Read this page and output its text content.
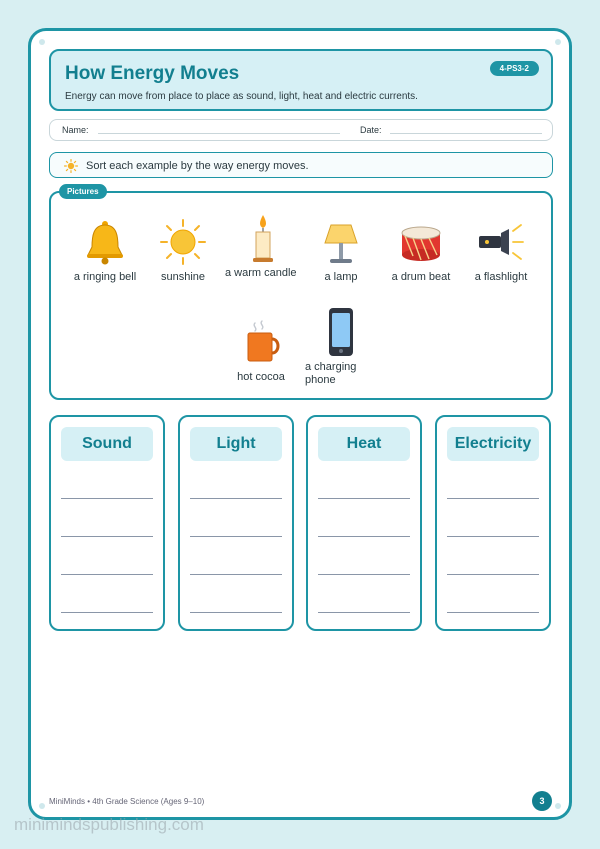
How Energy Moves
Energy can move from place to place as sound, light, heat and electric currents.
4-PS3-2
Name:	Date:
Sort each example by the way energy moves.
Pictures
a ringing bell	sunshine	a warm candle	a lamp	a drum beat	a flashlight
hot cocoa
a charging phone
Sound	Light	Heat	Electricity
MiniMinds • 4th Grade Science (Ages 9–10)	3
minimindspublishing.com
